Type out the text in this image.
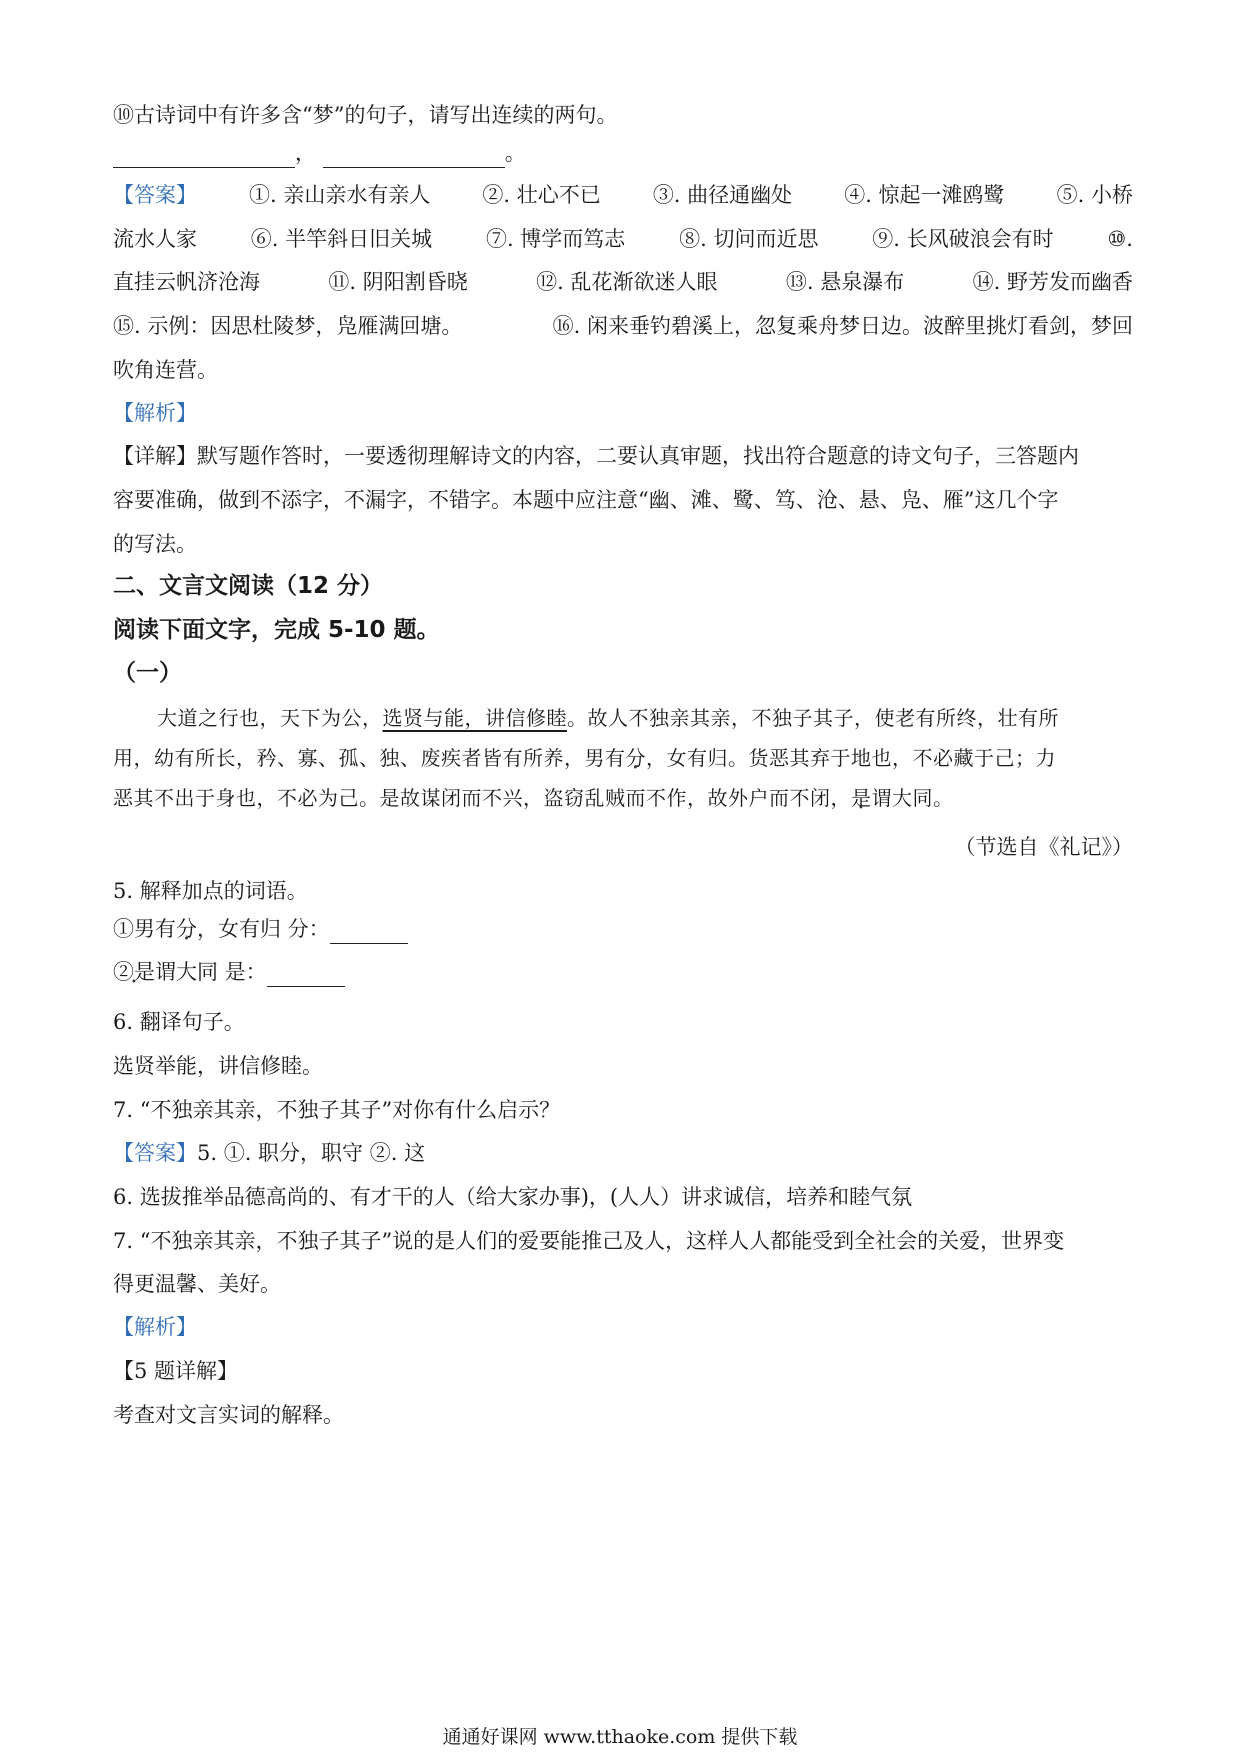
⑩古诗词中有许多含“梦”的句子，请写出连续的两句。
，	。
【答案】 ①. 亲山亲水有亲人 ②. 壮心不已 ③. 曲径通幽处 ④. 惊起一滩鸥鹭 ⑤. 小桥
流水人家	⑥. 半竿斜日旧关城	⑦. 博学而笃志	⑧. 切问而近思	⑨. 长风破浪会有时	⑩.
直挂云帆济沧海	⑪. 阴阳割昏晓	⑫. 乱花渐欲迷人眼	⑬. 悬泉瀑布	⑭. 野芳发而幽香
⑮. 示例：因思杜陵梦，凫雁满回塘。	⑯. 闲来垂钓碧溪上，忽复乘舟梦日边。波醉里挑灯看剑，梦回
吹角连营。
【解析】
【详解】默写题作答时，一要透彻理解诗文的内容，二要认真审题，找出符合题意的诗文句子，三答题内
容要准确，做到不添字，不漏字，不错字。本题中应注意“幽、滩、鹭、笃、沧、悬、凫、雁”这几个字
的写法。
二、文言文阅读（12 分）
阅读下面文字，完成 5-10 题。
（一）
大道之行也，天下为公，选贤与能，讲信修睦。故人不独亲其亲，不独子其子，使老有所终，壮有所
用，幼有所长，矜、寡、孤、独、废疾者皆有所养，男有分，女有归。货恶其弃于地也，不必藏于己；力
恶其不出于身也，不必为己。是故谋闭而不兴，盗窃乱贼而不作，故外户而不闭，是谓大同。
（节选自《礼记》）
5. 解释加点的词语。
①男有分，女有归 分：
②是 •谓大同 是：
6. 翻译句子。
选贤举能，讲信修睦。
7. “不独亲其亲，不独子其子”对你有什么启示？
【答案】5. ①. 职分，职守 ②. 这
6. 选拔推举品德高尚的、有才干的人（给大家办事)，(人人）讲求诚信，培养和睦气氛
7. “不独亲其亲，不独子其子”说的是人们的爱要能推己及人，这样人人都能受到全社会的关爱，世界变
得更温馨、美好。
【解析】
【5 题详解】
考查对文言实词的解释。
通通好课网 www.tthaoke.com 提供下载
